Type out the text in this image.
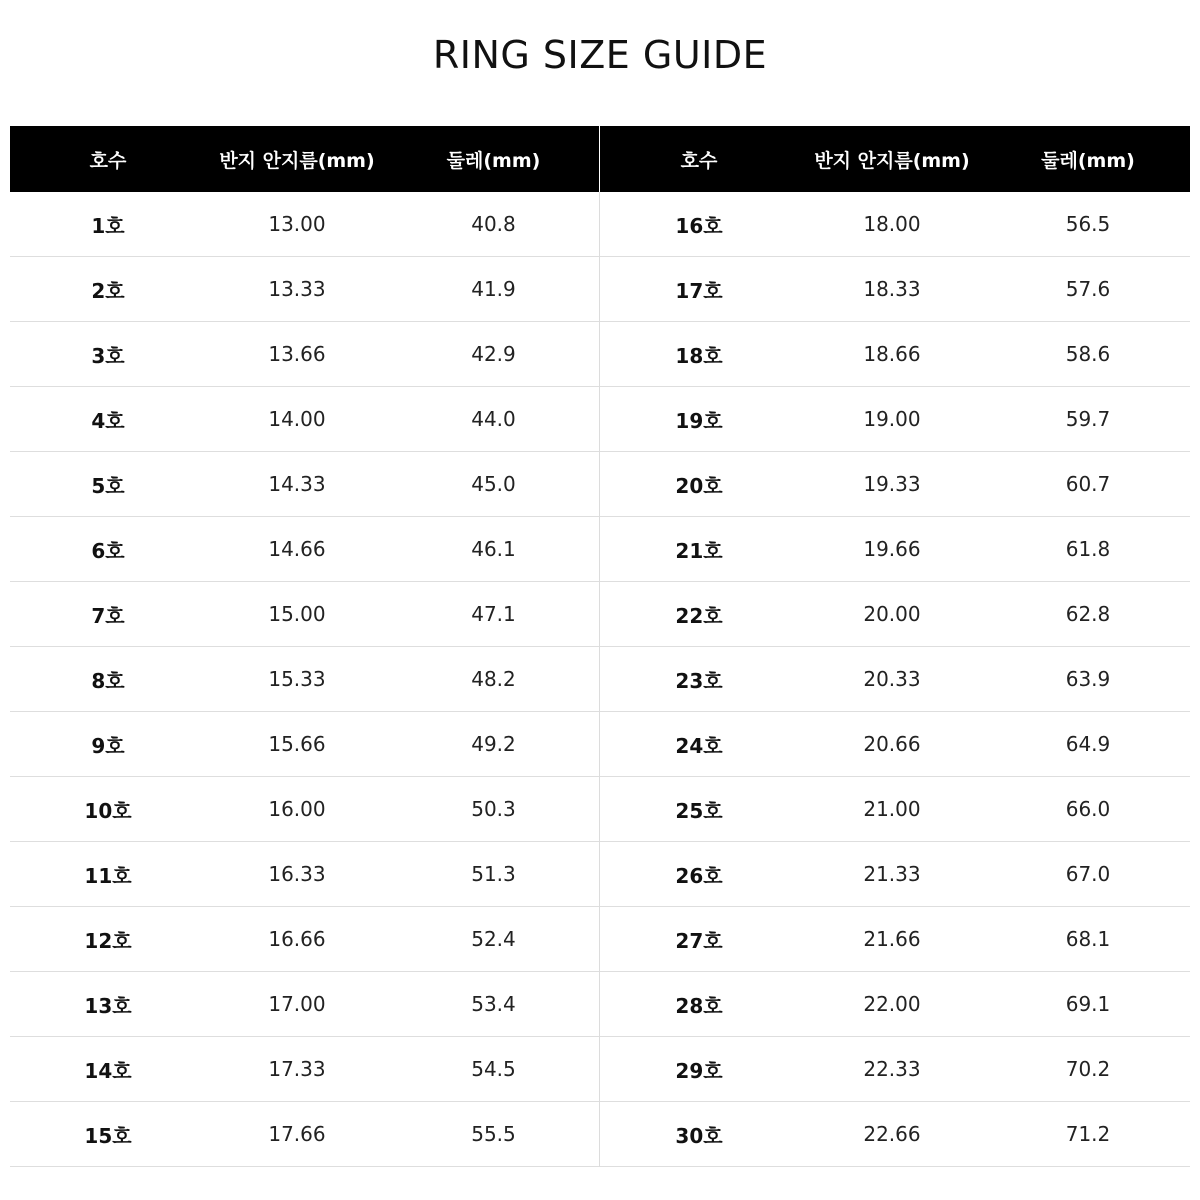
RING SIZE GUIDE
호수	반지 안지름(mm)	둘레(mm)
1호	13.00	40.8
2호	13.33	41.9
3호	13.66	42.9
4호	14.00	44.0
5호	14.33	45.0
6호	14.66	46.1
7호	15.00	47.1
8호	15.33	48.2
9호	15.66	49.2
10호	16.00	50.3
11호	16.33	51.3
12호	16.66	52.4
13호	17.00	53.4
14호	17.33	54.5
15호	17.66	55.5
호수	반지 안지름(mm)	둘레(mm)
16호	18.00	56.5
17호	18.33	57.6
18호	18.66	58.6
19호	19.00	59.7
20호	19.33	60.7
21호	19.66	61.8
22호	20.00	62.8
23호	20.33	63.9
24호	20.66	64.9
25호	21.00	66.0
26호	21.33	67.0
27호	21.66	68.1
28호	22.00	69.1
29호	22.33	70.2
30호	22.66	71.2
